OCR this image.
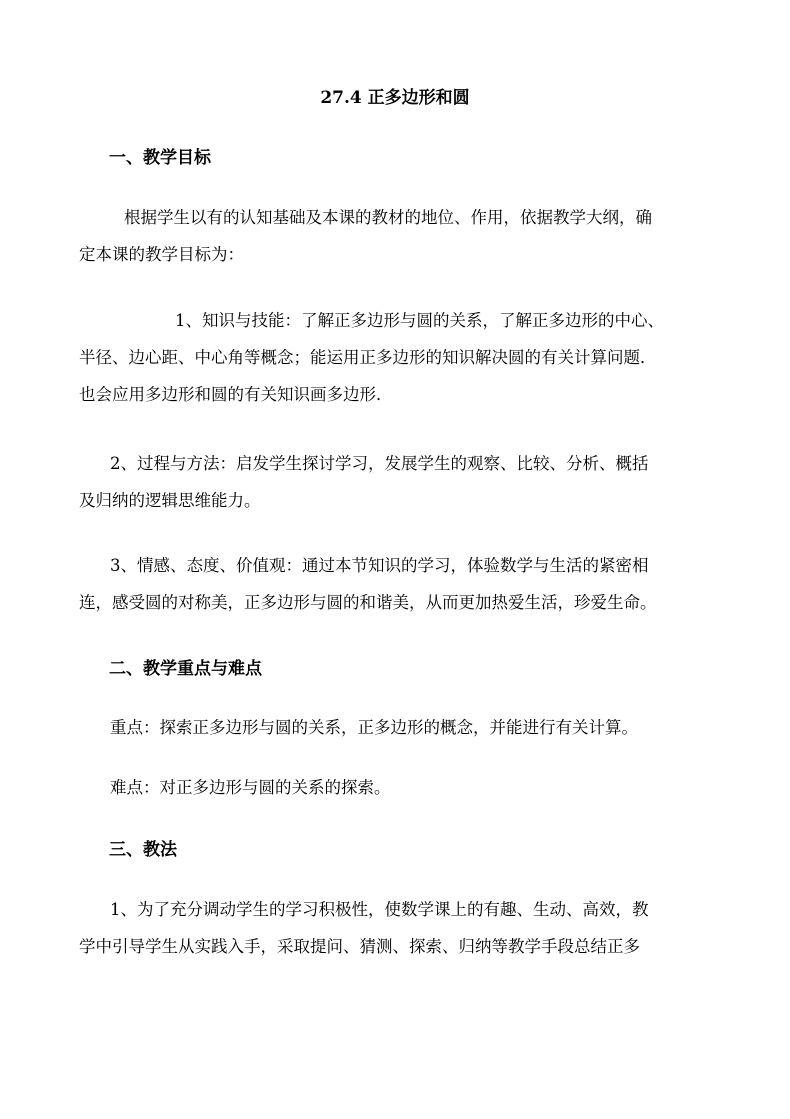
27.4 正多边形和圆
一、教学目标
根据学生以有的认知基础及本课的教材的地位、作用，依据教学大纲，确
定本课的教学目标为：
1、知识与技能：了解正多边形与圆的关系，了解正多边形的中心、
半径、边心距、中心角等概念；能运用正多边形的知识解决圆的有关计算问题．
也会应用多边形和圆的有关知识画多边形．
2、过程与方法：启发学生探讨学习，发展学生的观察、比较、分析、概括
及归纳的逻辑思维能力。
3、情感、态度、价值观：通过本节知识的学习，体验数学与生活的紧密相
连，感受圆的对称美，正多边形与圆的和谐美，从而更加热爱生活，珍爱生命。
二、教学重点与难点
重点：探索正多边形与圆的关系，正多边形的概念，并能进行有关计算。
难点：对正多边形与圆的关系的探索。
三、教法
1、为了充分调动学生的学习积极性，使数学课上的有趣、生动、高效，教
学中引导学生从实践入手，采取提问、猜测、探索、归纳等教学手段总结正多
